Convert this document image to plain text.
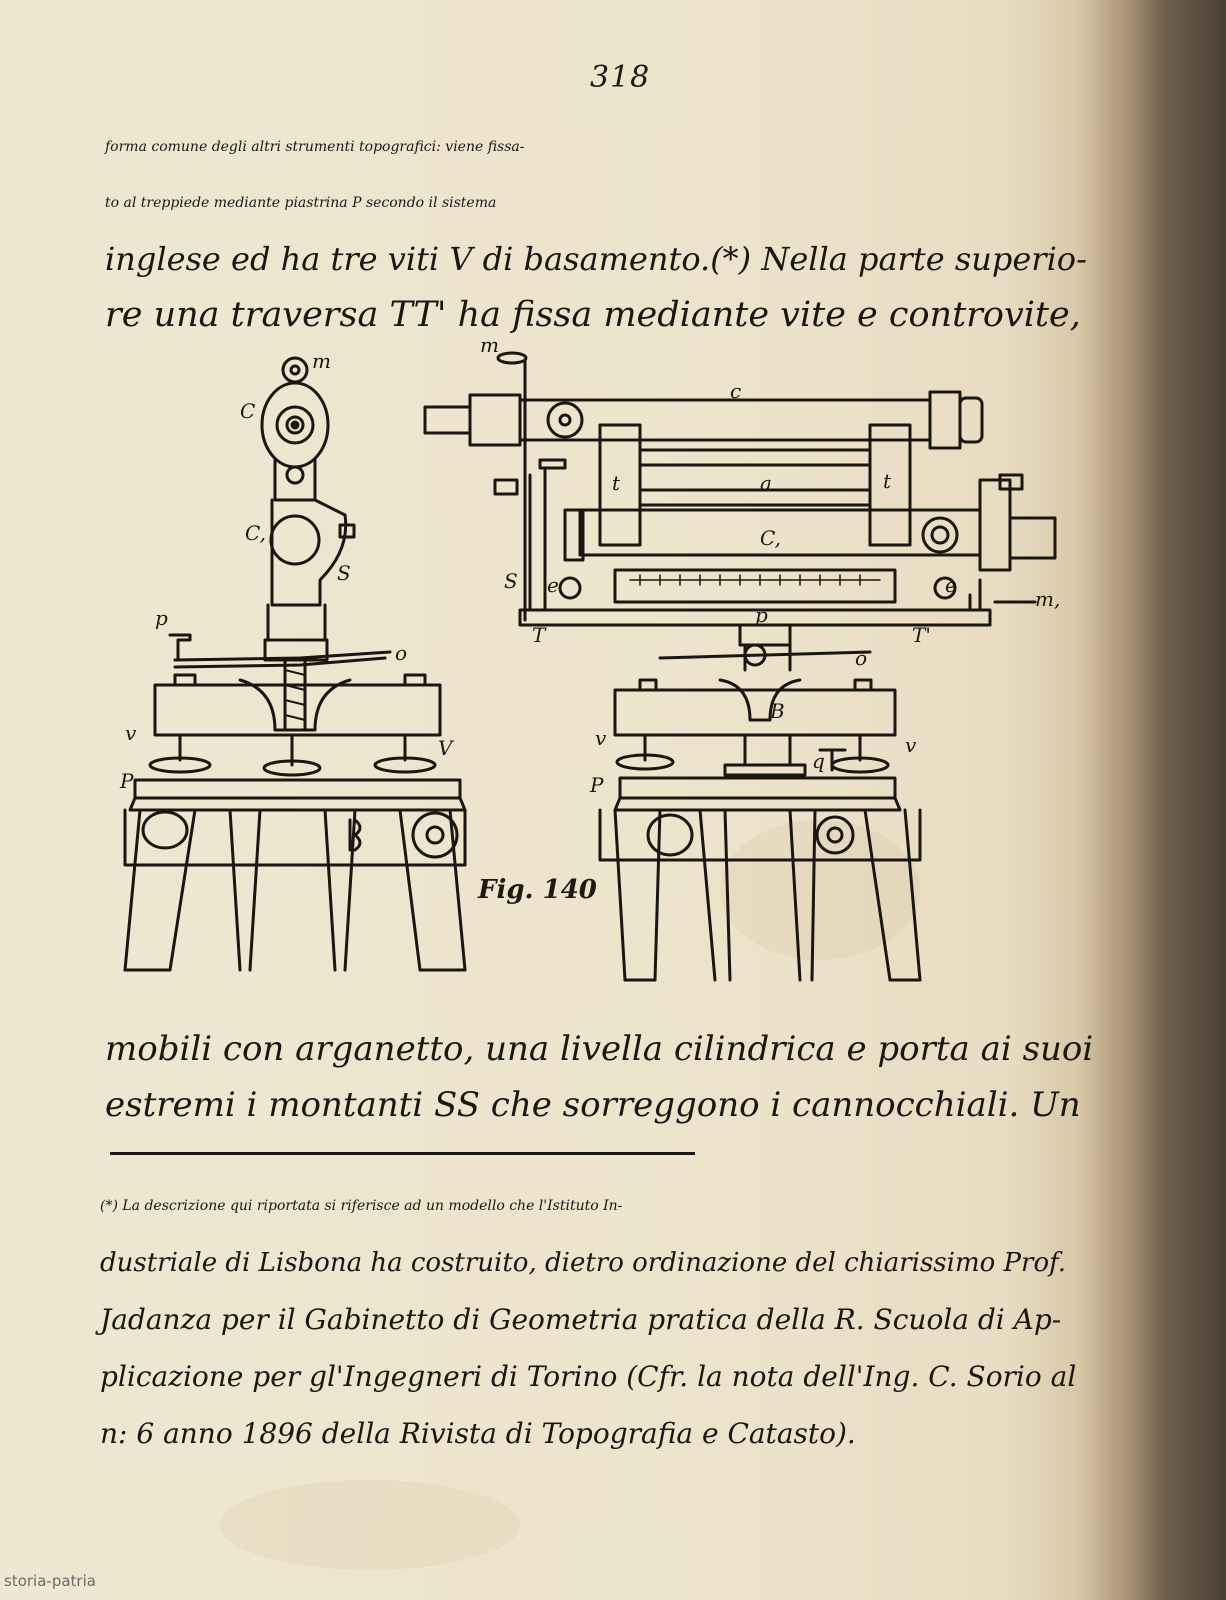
318
forma comune degli altri strumenti topografici: viene fissa-
to al treppiede mediante piastrina P secondo il sistema
inglese ed ha tre viti V di basamento.(*) Nella parte superio-
re una traversa TT' ha fissa mediante vite e controvite,
m
C
C,
S
p
o
v
V
P
m
c
t	a	t
C,
S e	e
T	T'
p
o
B
v
q
v
P
m,
Fig. 140
mobili con arganetto, una livella cilindrica e porta ai suoi
estremi i montanti SS che sorreggono i cannocchiali. Un
(*) La descrizione qui riportata si riferisce ad un modello che l'Istituto In-
dustriale di Lisbona ha costruito, dietro ordinazione del chiarissimo Prof.
Jadanza per il Gabinetto di Geometria pratica della R. Scuola di Ap-
plicazione per gl'Ingegneri di Torino (Cfr. la nota dell'Ing. C. Sorio al
n: 6 anno 1896 della Rivista di Topografia e Catasto).
storia-patria
